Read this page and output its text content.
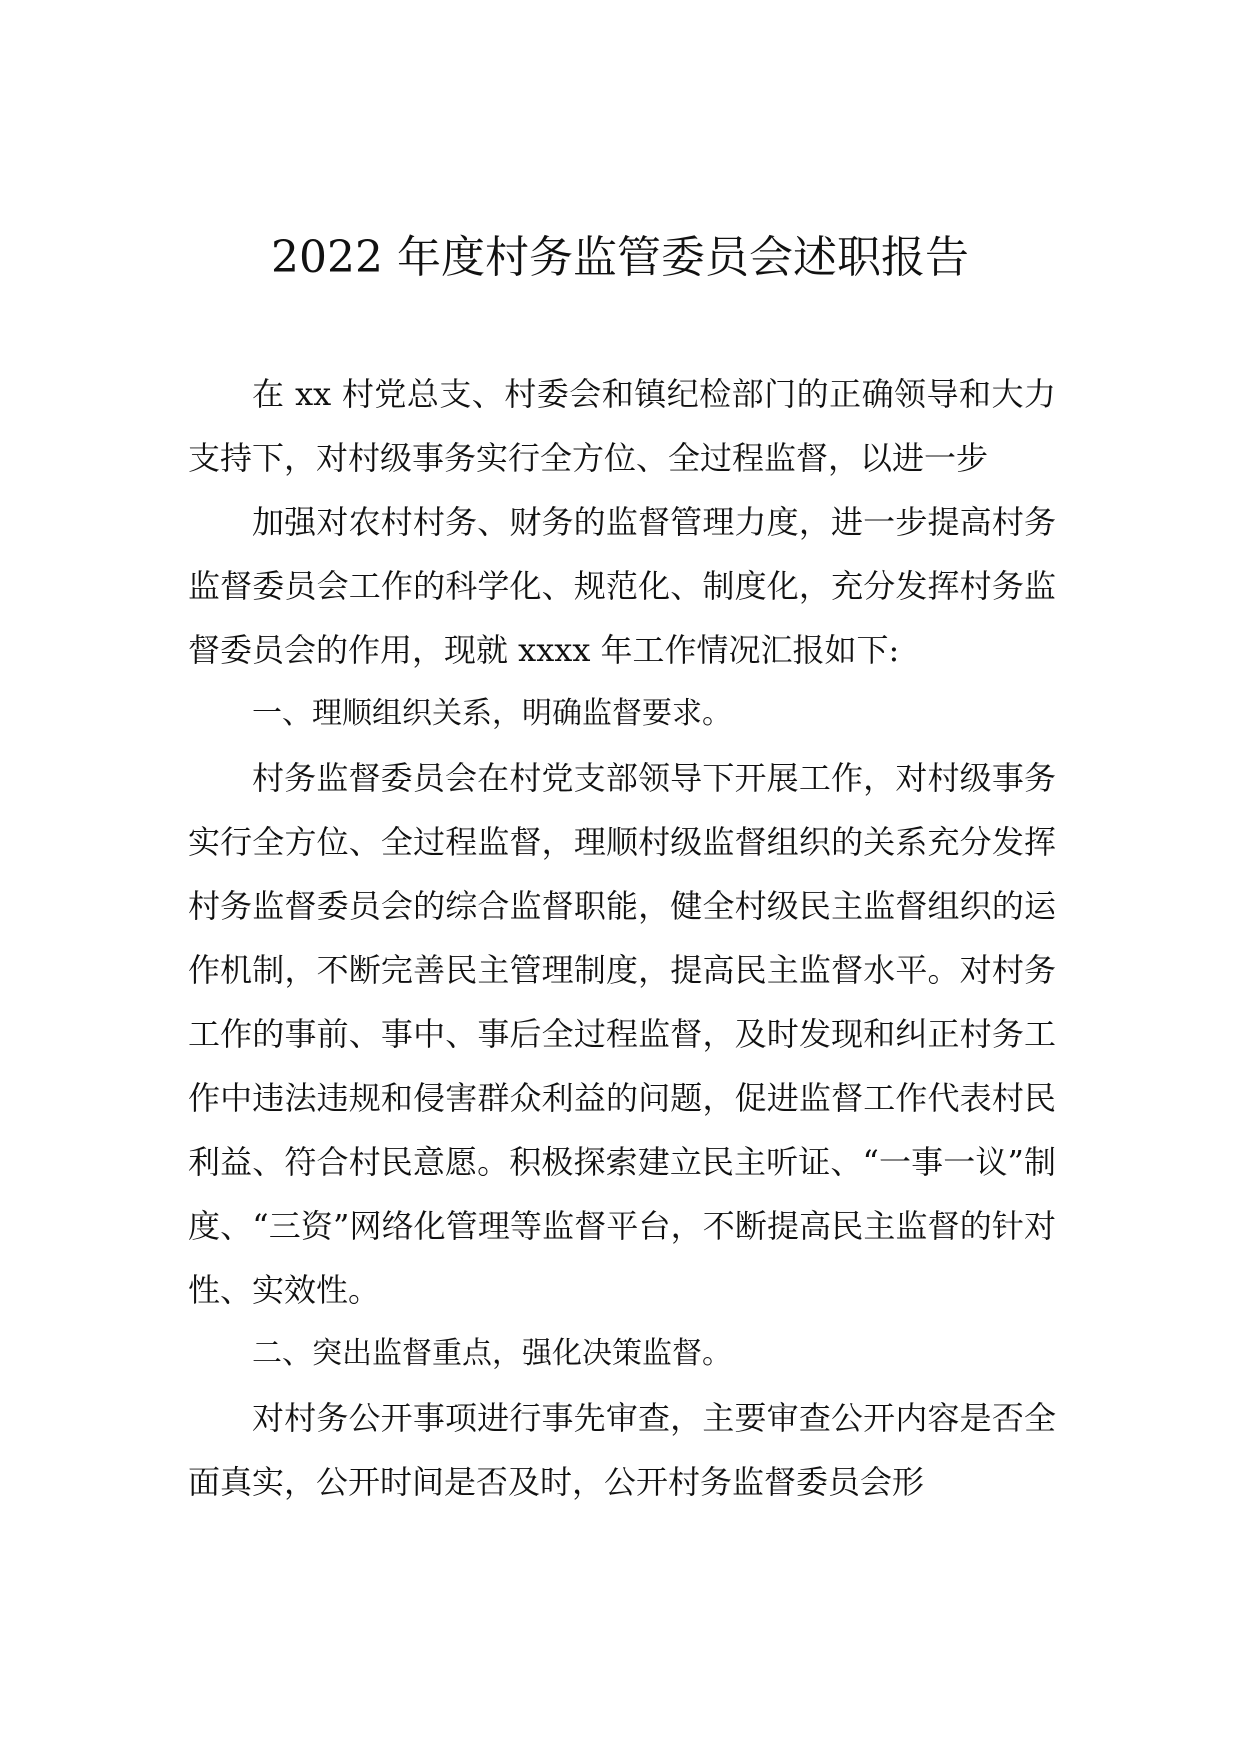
2022 年度村务监管委员会述职报告

在 xx 村党总支、村委会和镇纪检部门的正确领导和大力支持下，对村级事务实行全方位、全过程监督，以进一步

加强对农村村务、财务的监督管理力度，进一步提高村务监督委员会工作的科学化、规范化、制度化，充分发挥村务监督委员会的作用，现就 xxxx 年工作情况汇报如下:

一、理顺组织关系，明确监督要求。

村务监督委员会在村党支部领导下开展工作，对村级事务实行全方位、全过程监督，理顺村级监督组织的关系充分发挥村务监督委员会的综合监督职能，健全村级民主监督组织的运作机制，不断完善民主管理制度，提高民主监督水平。对村务工作的事前、事中、事后全过程监督，及时发现和纠正村务工作中违法违规和侵害群众利益的问题，促进监督工作代表村民利益、符合村民意愿。积极探索建立民主听证、“一事一议”制度、“三资”网络化管理等监督平台，不断提高民主监督的针对性、实效性。

二、突出监督重点，强化决策监督。

对村务公开事项进行事先审查，主要审查公开内容是否全面真实，公开时间是否及时，公开村务监督委员会形
